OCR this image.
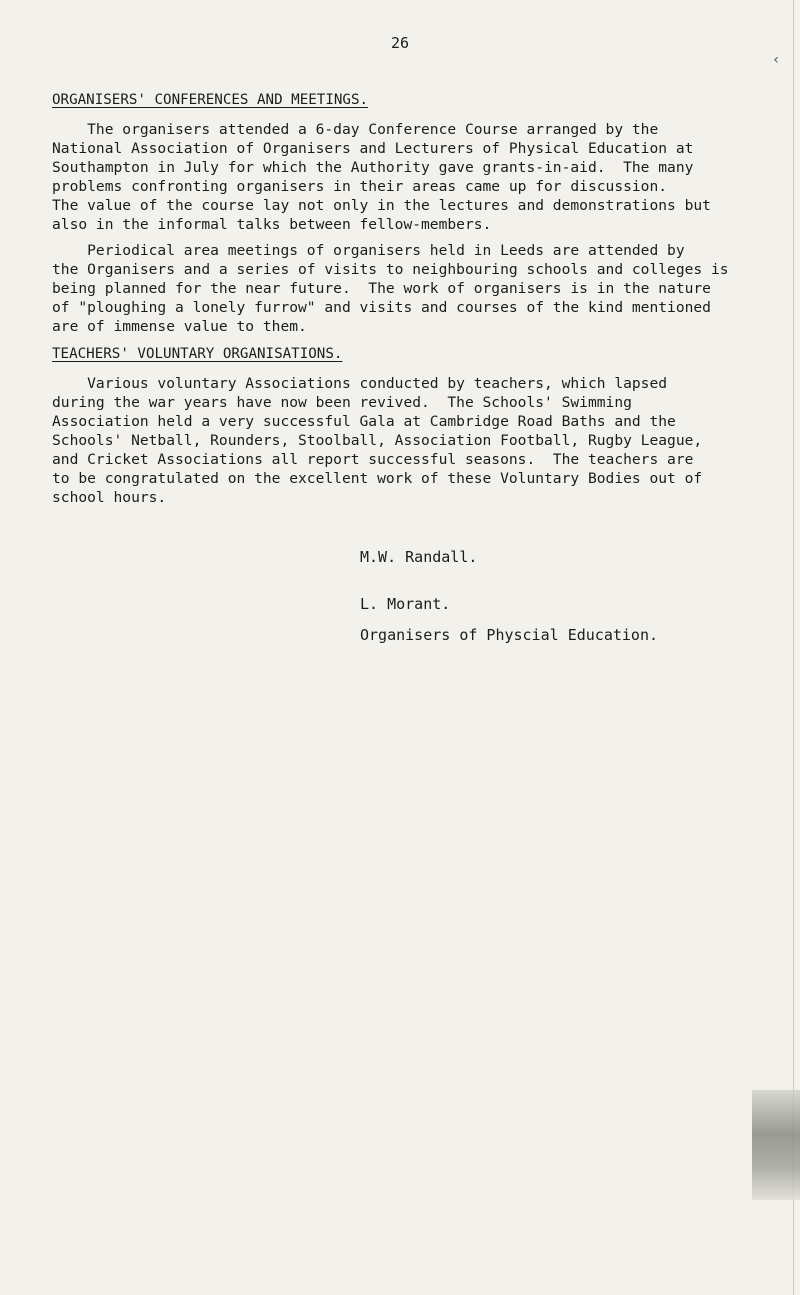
26
‹
ORGANISERS' CONFERENCES AND MEETINGS.

The organisers attended a 6-day Conference Course arranged by the
National Association of Organisers and Lecturers of Physical Education at
Southampton in July for which the Authority gave grants-in-aid.  The many
problems confronting organisers in their areas came up for discussion.
The value of the course lay not only in the lectures and demonstrations but
also in the informal talks between fellow-members.

Periodical area meetings of organisers held in Leeds are attended by
the Organisers and a series of visits to neighbouring schools and colleges is
being planned for the near future.  The work of organisers is in the nature
of "ploughing a lonely furrow" and visits and courses of the kind mentioned
are of immense value to them.

TEACHERS' VOLUNTARY ORGANISATIONS.

Various voluntary Associations conducted by teachers, which lapsed
during the war years have now been revived.  The Schools' Swimming
Association held a very successful Gala at Cambridge Road Baths and the
Schools' Netball, Rounders, Stoolball, Association Football, Rugby League,
and Cricket Associations all report successful seasons.  The teachers are
to be congratulated on the excellent work of these Voluntary Bodies out of
school hours.

M.W. Randall.
L. Morant.
Organisers of Physcial Education.
